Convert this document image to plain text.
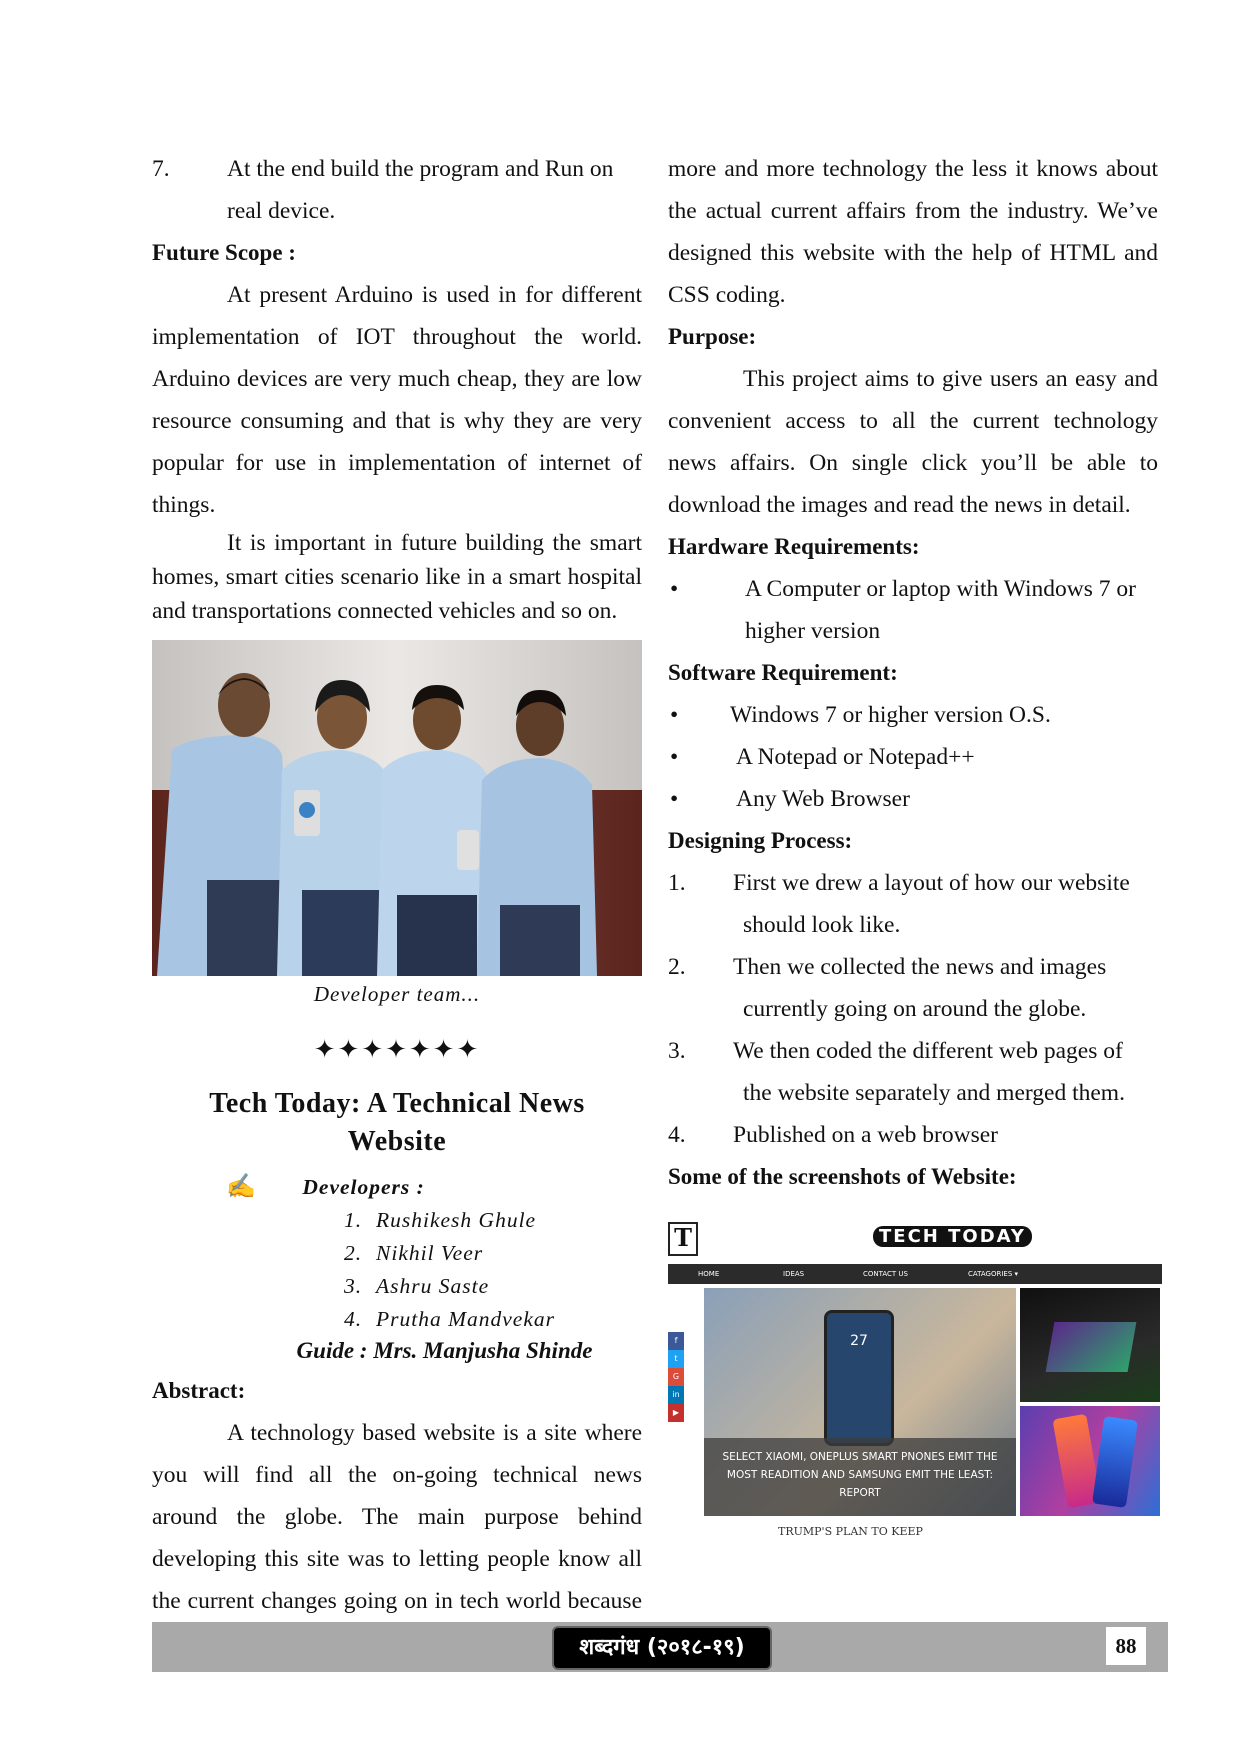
7.	At the end build the program and Run on real device.

Future Scope :

At present Arduino is used in for different implementation of IOT throughout the world. Arduino devices are very much cheap, they are low resource consuming and that is why they are very popular for use in implementation of internet of things.

It is important in future building the smart homes, smart cities scenario like in a smart hospital and transportations connected vehicles and so on.

Developer team...
✦✦✦✦✦✦✦
Tech Today: A Technical News
Website
✍ Developers :
1. Rushikesh Ghule
2. Nikhil Veer
3. Ashru Saste
4. Prutha Mandvekar
Guide : Mrs. Manjusha Shinde

Abstract:

A technology based website is a site where you will find all the on-going technical news around the globe. The main purpose behind developing this site was to letting people know all the current changes going on in tech world because

more and more technology the less it knows about the actual current affairs from the industry. We’ve designed this website with the help of HTML and CSS coding.

Purpose:

This project aims to give users an easy and convenient access to all the current technology news affairs. On single click you’ll be able to download the images and read the news in detail.

Hardware Requirements:

•	A Computer or laptop with Windows 7 or higher version

Software Requirement:

•	Windows 7 or higher version O.S.
•	A Notepad or Notepad++
•	Any Web Browser

Designing Process:

1. First we drew a layout of how our website
should look like.
2. Then we collected the news and images
currently going on around the globe.
3. We then coded the different web pages of
the website separately and merged them.
4. Published on a web browser

Some of the screenshots of Website:

T	TECH TODAY
HOME	IDEAS	CONTACT US	CATAGORIES ▾
f
t
G
in
▶
27
SELECT XIAOMI, ONEPLUS SMART PNONES EMIT THE MOST READITION AND SAMSUNG EMIT THE LEAST: REPORT
TRUMP'S PLAN TO KEEP
शब्दगंध (२०१८-१९)	88
